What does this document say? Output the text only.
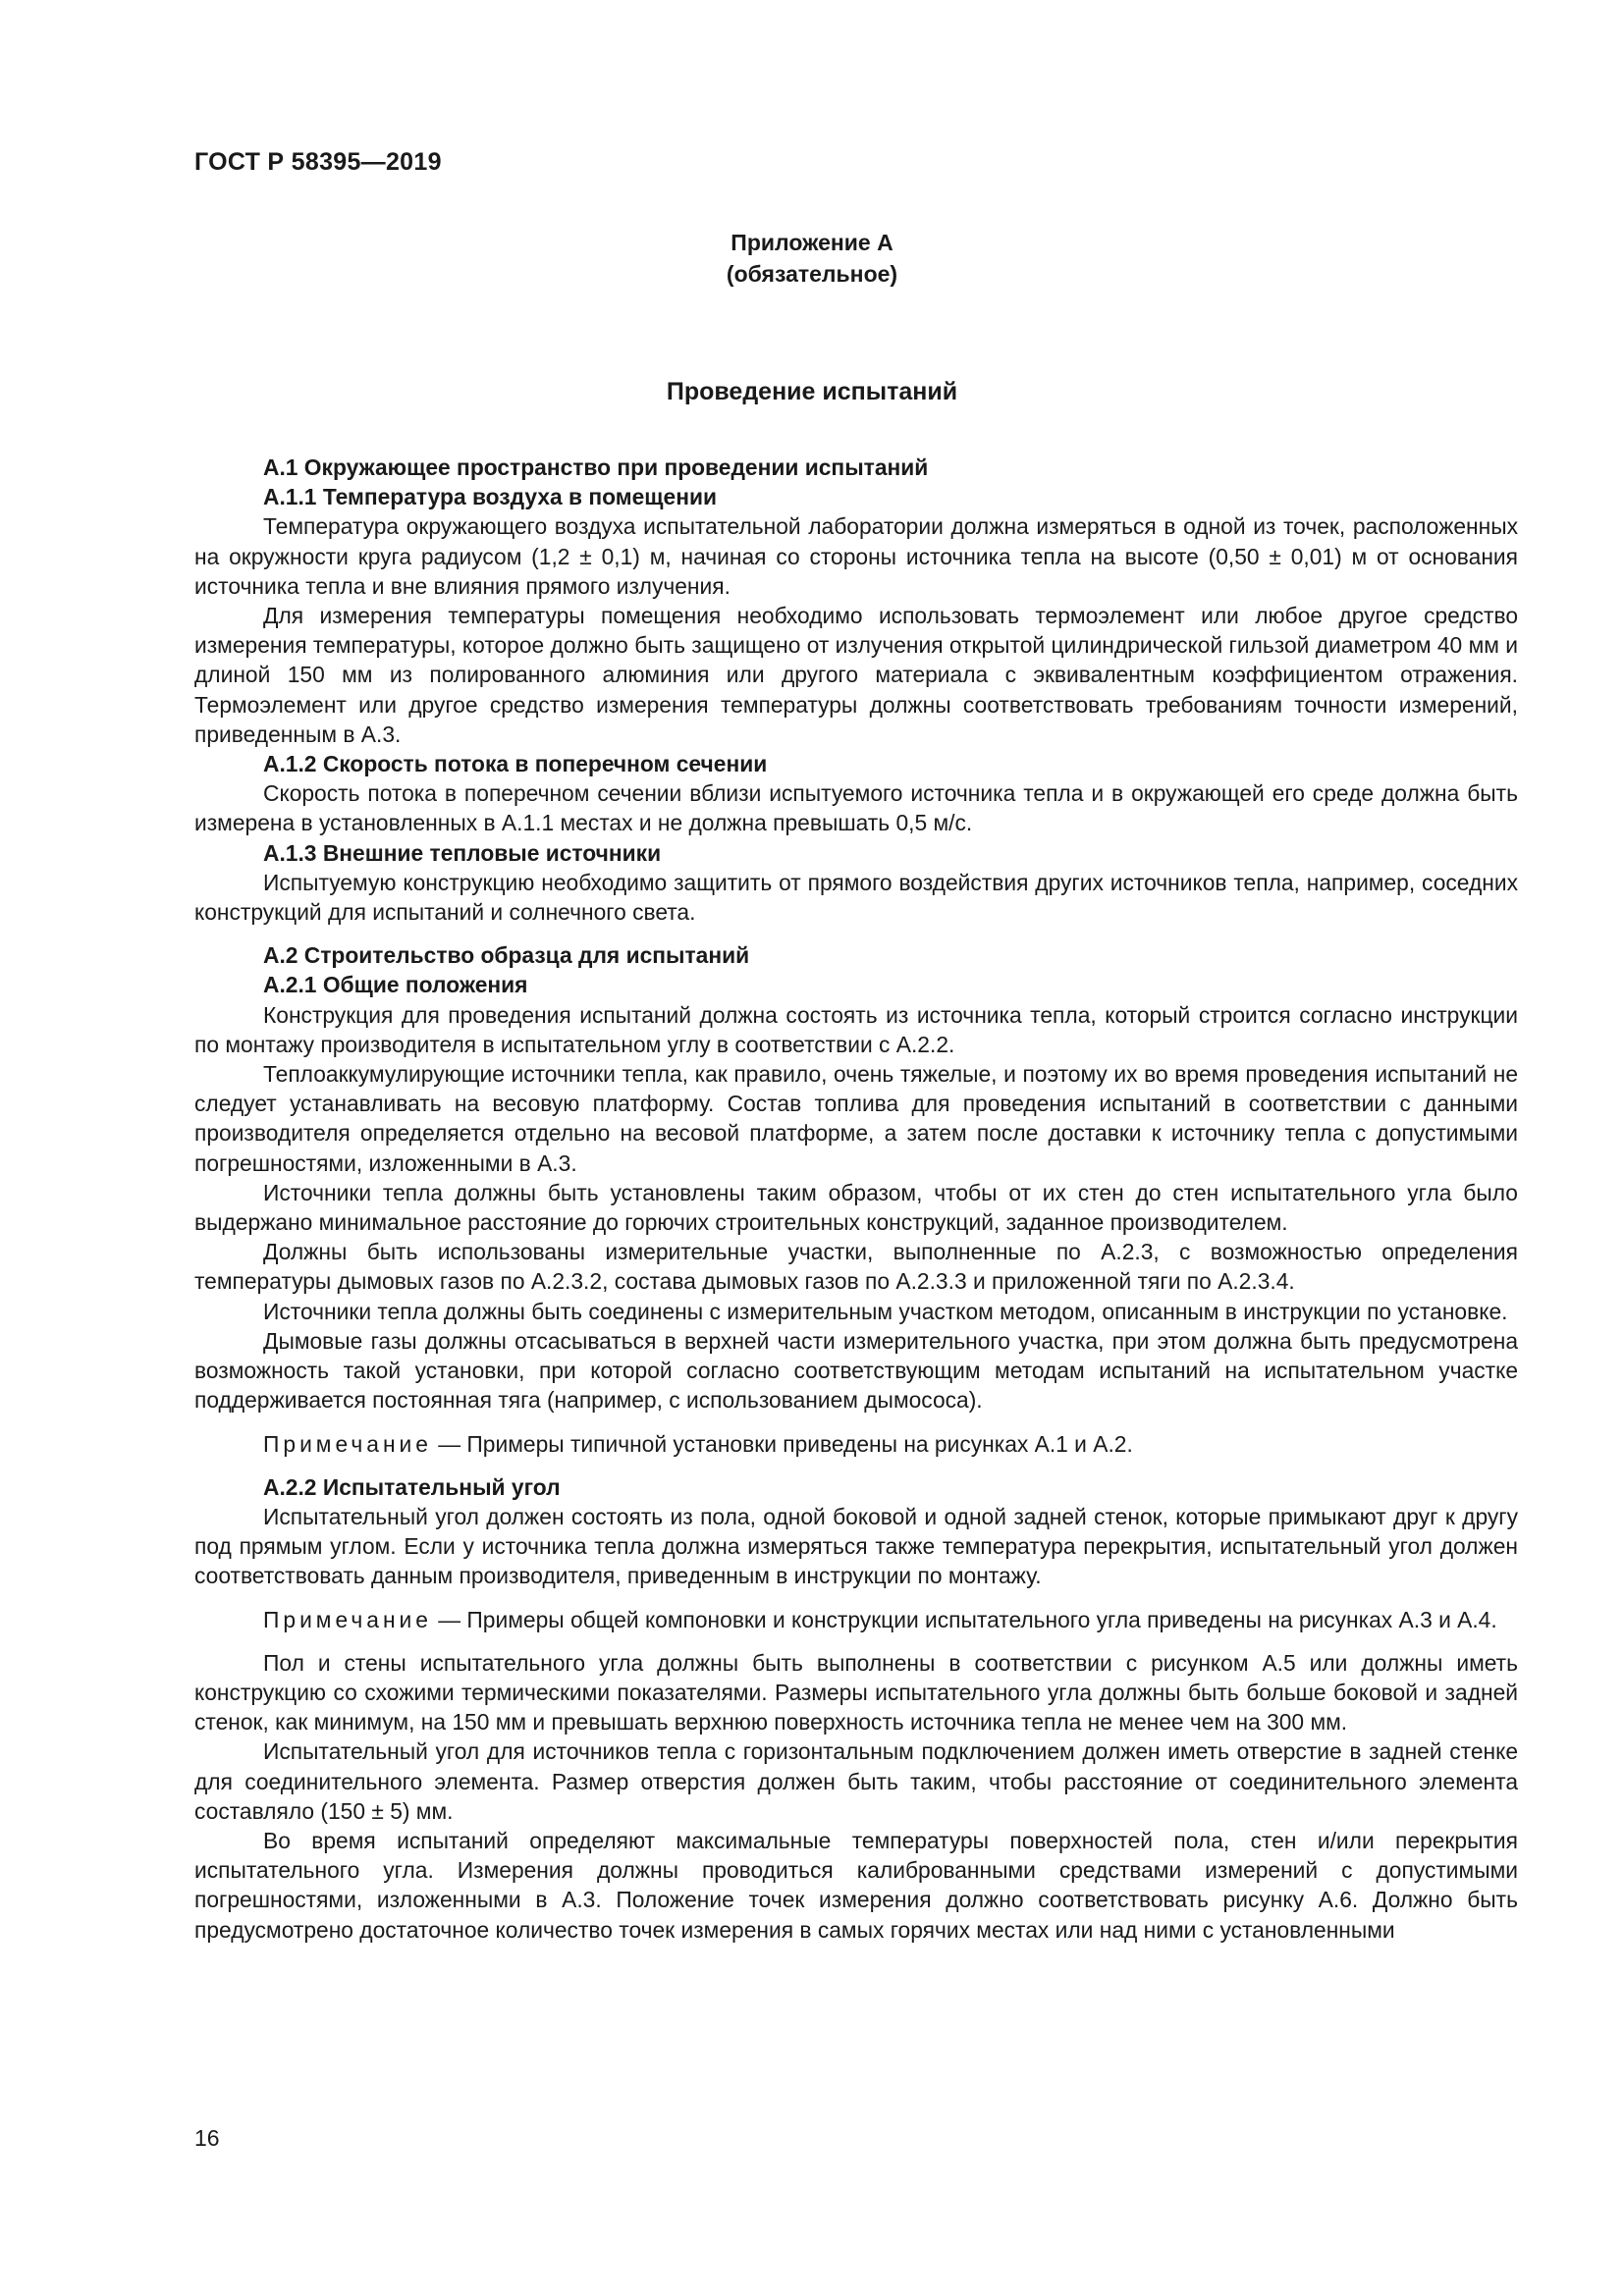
ГОСТ Р 58395—2019
Приложение А
(обязательное)
Проведение испытаний
А.1 Окружающее пространство при проведении испытаний
А.1.1 Температура воздуха в помещении

Температура окружающего воздуха испытательной лаборатории должна измеряться в одной из точек, расположенных на окружности круга радиусом (1,2 ± 0,1) м, начиная со стороны источника тепла на высоте (0,50 ± 0,01) м от основания источника тепла и вне влияния прямого излучения.

Для измерения температуры помещения необходимо использовать термоэлемент или любое другое средство измерения температуры, которое должно быть защищено от излучения открытой цилиндрической гильзой диаметром 40 мм и длиной 150 мм из полированного алюминия или другого материала с эквивалентным коэффициентом отражения. Термоэлемент или другое средство измерения температуры должны соответствовать требованиям точности измерений, приведенным в А.3.

А.1.2 Скорость потока в поперечном сечении

Скорость потока в поперечном сечении вблизи испытуемого источника тепла и в окружающей его среде должна быть измерена в установленных в А.1.1 местах и не должна превышать 0,5 м/с.

А.1.3 Внешние тепловые источники

Испытуемую конструкцию необходимо защитить от прямого воздействия других источников тепла, например, соседних конструкций для испытаний и солнечного света.

А.2 Строительство образца для испытаний
А.2.1 Общие положения

Конструкция для проведения испытаний должна состоять из источника тепла, который строится согласно инструкции по монтажу производителя в испытательном углу в соответствии с А.2.2.

Теплоаккумулирующие источники тепла, как правило, очень тяжелые, и поэтому их во время проведения испытаний не следует устанавливать на весовую платформу. Состав топлива для проведения испытаний в соответствии с данными производителя определяется отдельно на весовой платформе, а затем после доставки к источнику тепла с допустимыми погрешностями, изложенными в А.3.

Источники тепла должны быть установлены таким образом, чтобы от их стен до стен испытательного угла было выдержано минимальное расстояние до горючих строительных конструкций, заданное производителем.

Должны быть использованы измерительные участки, выполненные по А.2.3, с возможностью определения температуры дымовых газов по А.2.3.2, состава дымовых газов по А.2.3.3 и приложенной тяги по А.2.3.4.

Источники тепла должны быть соединены с измерительным участком методом, описанным в инструкции по установке.

Дымовые газы должны отсасываться в верхней части измерительного участка, при этом должна быть предусмотрена возможность такой установки, при которой согласно соответствующим методам испытаний на испытательном участке поддерживается постоянная тяга (например, с использованием дымососа).

Примечание — Примеры типичной установки приведены на рисунках А.1 и А.2.

А.2.2 Испытательный угол

Испытательный угол должен состоять из пола, одной боковой и одной задней стенок, которые примыкают друг к другу под прямым углом. Если у источника тепла должна измеряться также температура перекрытия, испытательный угол должен соответствовать данным производителя, приведенным в инструкции по монтажу.

Примечание — Примеры общей компоновки и конструкции испытательного угла приведены на рисунках А.3 и А.4.

Пол и стены испытательного угла должны быть выполнены в соответствии с рисунком А.5 или должны иметь конструкцию со схожими термическими показателями. Размеры испытательного угла должны быть больше боковой и задней стенок, как минимум, на 150 мм и превышать верхнюю поверхность источника тепла не менее чем на 300 мм.

Испытательный угол для источников тепла с горизонтальным подключением должен иметь отверстие в задней стенке для соединительного элемента. Размер отверстия должен быть таким, чтобы расстояние от соединительного элемента составляло (150 ± 5) мм.

Во время испытаний определяют максимальные температуры поверхностей пола, стен и/или перекрытия испытательного угла. Измерения должны проводиться калиброванными средствами измерений с допустимыми погрешностями, изложенными в А.3. Положение точек измерения должно соответствовать рисунку А.6. Должно быть предусмотрено достаточное количество точек измерения в самых горячих местах или над ними с установленными

16
